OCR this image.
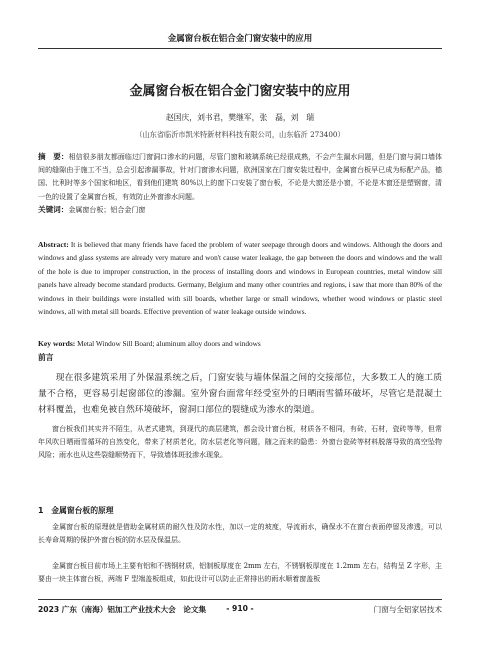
金属窗台板在铝合金门窗安装中的应用
金属窗台板在铝合金门窗安装中的应用
赵国庆，刘书君，樊继军，张　磊，刘　瑞
（山东省临沂市凯米特新材料科技有限公司，山东临沂 273400）
摘　要：相信很多朋友都面临过门窗洞口渗水的问题，尽管门窗和玻璃系统已经很成熟，不会产生漏水问题，但是门窗与洞口墙体间的缝隙由于施工不当，总会引起渗漏事故，针对门窗渗水问题，欧洲国家在门窗安装过程中，金属窗台板早已成为标配产品，德国、比利时等多个国家和地区，看到他们建筑 80%以上的窗下口安装了窗台板，不论是大窗还是小窗，不论是木窗还是塑钢窗，清一色的设置了金属窗台板，有效防止外窗渗水问题。
关键词：金属窗台板；铝合金门窗
Abstract: It is believed that many friends have faced the problem of water seepage through doors and windows. Although the doors and windows and glass systems are already very mature and won't cause water leakage, the gap between the doors and windows and the wall of the hole is due to improper construction, in the process of installing doors and windows in European countries, metal window sill panels have already become standard products. Germany, Belgium and many other countries and regions, i saw that more than 80% of the windows in their buildings were installed with sill boards, whether large or small windows, whether wood windows or plastic steel windows, all with metal sill boards. Effective prevention of water leakage outside windows.
Key words: Metal Window Sill Board; aluminum alloy doors and windows
前言
现在很多建筑采用了外保温系统之后，门窗安装与墙体保温之间的交接部位，大多数工人的施工质量不合格，更容易引起窗部位的渗漏。室外窗台面常年经受室外的日晒雨雪循环破坏，尽管它是混凝土材料覆盖，也难免被自然环境破坏，窗洞口部位的裂缝成为渗水的渠道。
窗台板我们其实并不陌生，从老式建筑，到现代的高层建筑，都会设计窗台板，材质各不相同，有砖，石材，瓷砖等等，但常年风吹日晒雨雪循环的自然变化，带来了材质老化，防水层老化等问题，随之而来的隐患：外窗台瓷砖等材料脱落导致的高空坠物风险；雨水也从这些裂缝顺势而下，导致墙体斑驳渗水现象。
1　金属窗台板的原理
金属窗台板的原理就是借助金属材质的耐久性及防水性，加以一定的坡度，导流雨水，确保水不在窗台表面停留及渗透，可以长寿命周期的保护外窗台板的防水层及保温层。
金属窗台板目前市场上主要有铝和不锈钢材质，铝制板厚度在 2mm 左右，不锈钢板厚度在 1.2mm 左右，结构呈 Z 字形，主要由一块主体窗台板，两端 F 型端盖板组成，如此设计可以防止正常排出的雨水顺着窗盖板
2023 广东（南海）铝加工产业技术大会　论文集	- 910 -	门窗与全铝家居技术
